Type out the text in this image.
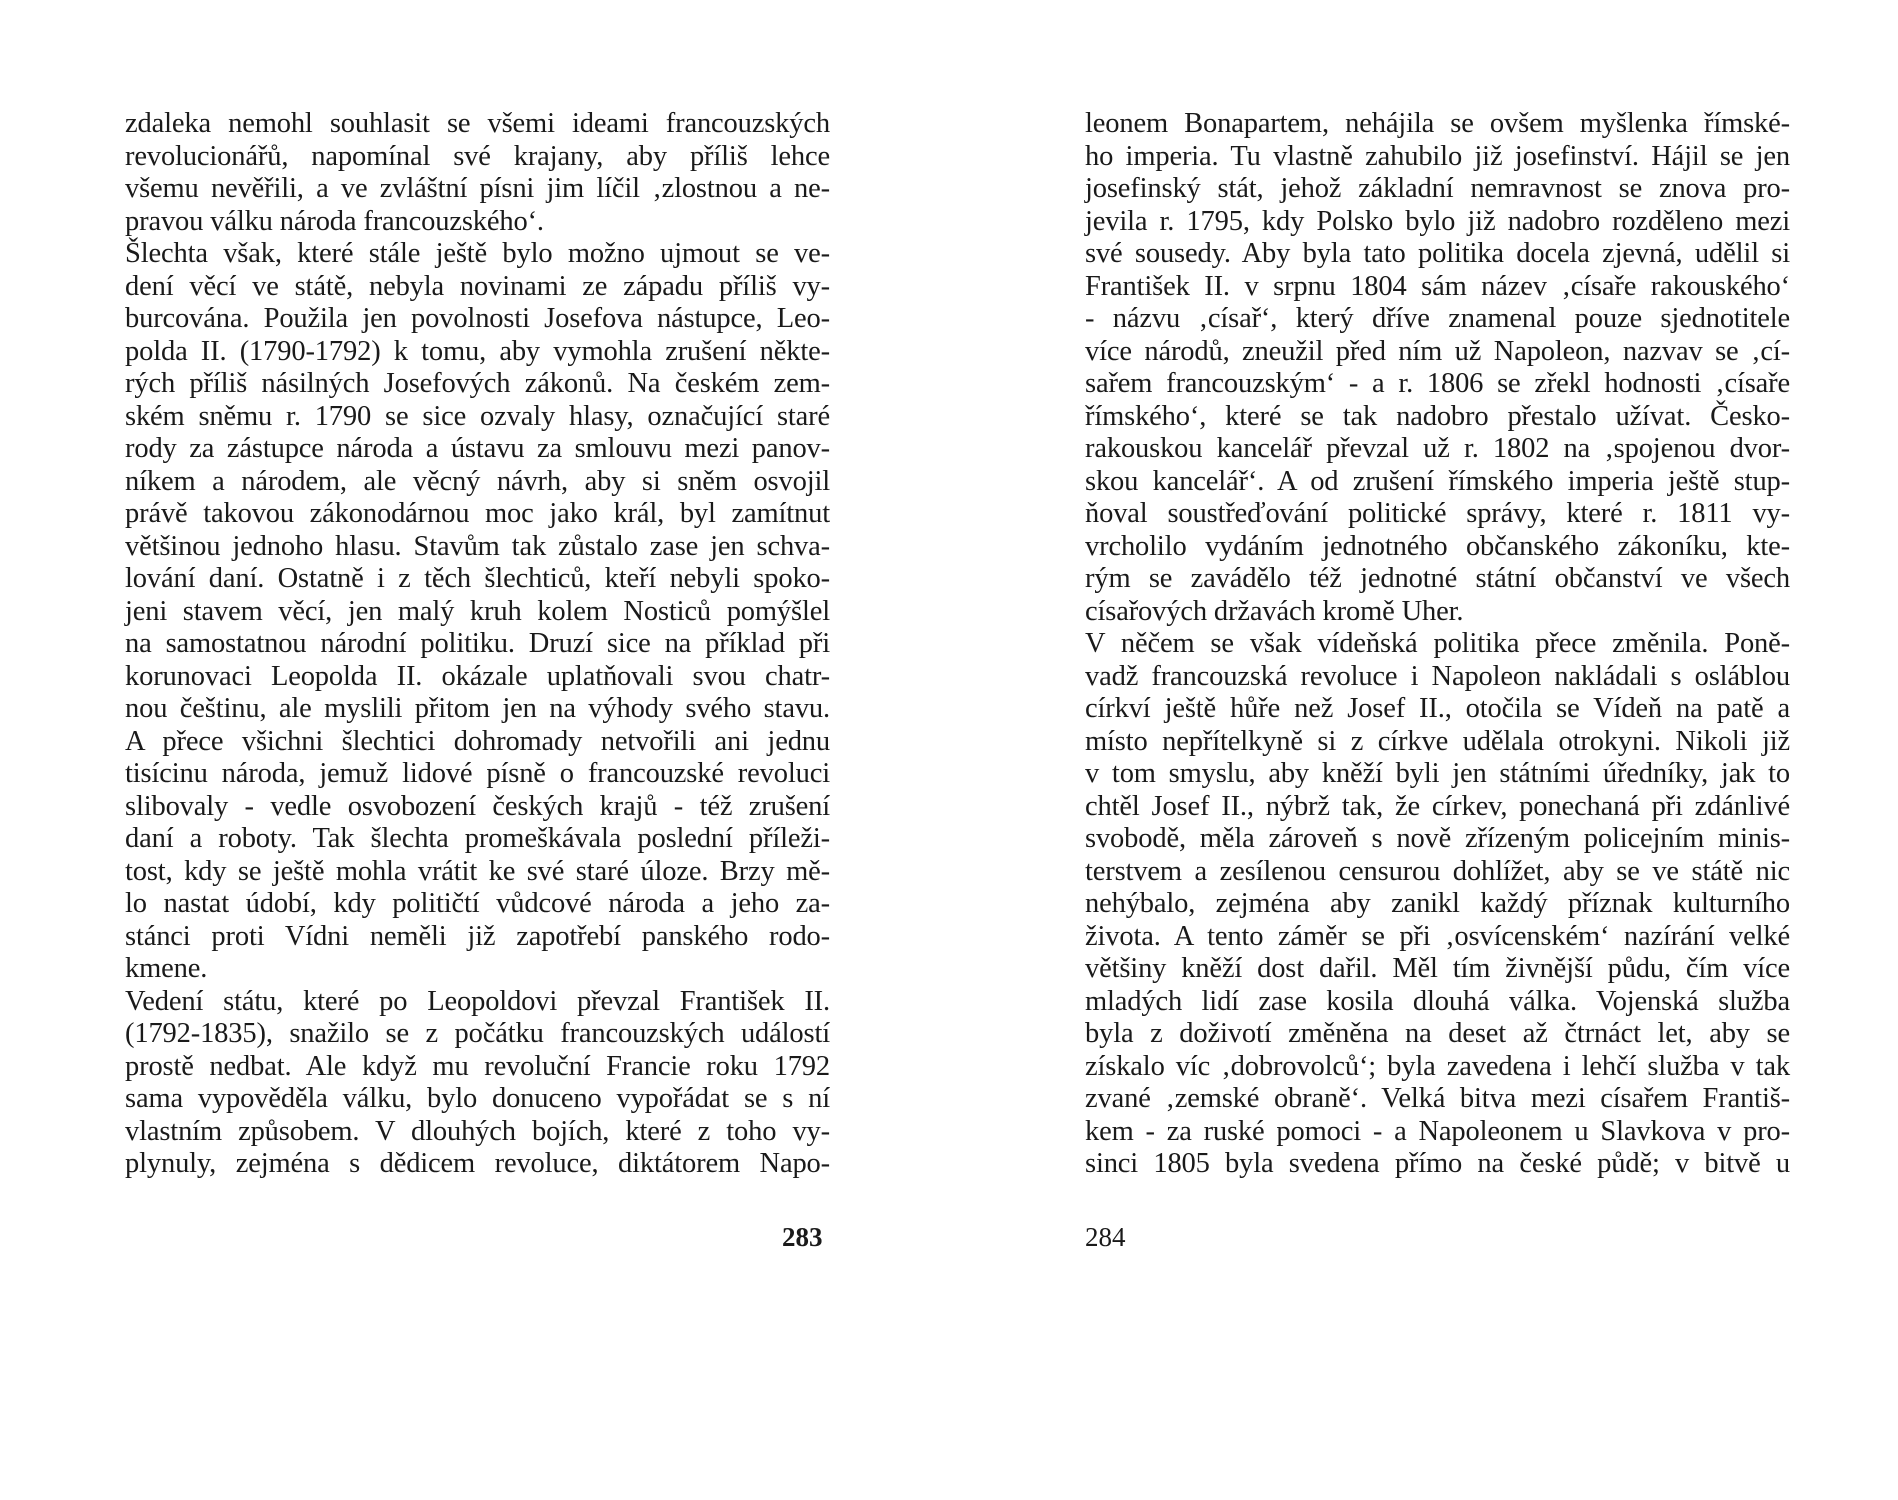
zdaleka nemohl souhlasit se všemi ideami francouzských
revolucionářů, napomínal své krajany, aby příliš lehce
všemu nevěřili, a ve zvláštní písni jim líčil ‚zlostnou a ne-
pravou válku národa francouzského‘.
Šlechta však, které stále ještě bylo možno ujmout se ve-
dení věcí ve státě, nebyla novinami ze západu příliš vy-
burcována. Použila jen povolnosti Josefova nástupce, Leo-
polda II. (1790-1792) k tomu, aby vymohla zrušení někte-
rých příliš násilných Josefových zákonů. Na českém zem-
ském sněmu r. 1790 se sice ozvaly hlasy, označující staré
rody za zástupce národa a ústavu za smlouvu mezi panov-
níkem a národem, ale věcný návrh, aby si sněm osvojil
právě takovou zákonodárnou moc jako král, byl zamítnut
většinou jednoho hlasu. Stavům tak zůstalo zase jen schva-
lování daní. Ostatně i z těch šlechticů, kteří nebyli spoko-
jeni stavem věcí, jen malý kruh kolem Nosticů pomýšlel
na samostatnou národní politiku. Druzí sice na příklad při
korunovaci Leopolda II. okázale uplatňovali svou chatr-
nou češtinu, ale myslili přitom jen na výhody svého stavu.
A přece všichni šlechtici dohromady netvořili ani jednu
tisícinu národa, jemuž lidové písně o francouzské revoluci
slibovaly - vedle osvobození českých krajů - též zrušení
daní a roboty. Tak šlechta promeškávala poslední příleži-
tost, kdy se ještě mohla vrátit ke své staré úloze. Brzy mě-
lo nastat údobí, kdy političtí vůdcové národa a jeho za-
stánci proti Vídni neměli již zapotřebí panského rodo-
kmene.
Vedení státu, které po Leopoldovi převzal František II.
(1792-1835), snažilo se z počátku francouzských událostí
prostě nedbat. Ale když mu revoluční Francie roku 1792
sama vypověděla válku, bylo donuceno vypořádat se s ní
vlastním způsobem. V dlouhých bojích, které z toho vy-
plynuly, zejména s dědicem revoluce, diktátorem Napo-
283
leonem Bonapartem, nehájila se ovšem myšlenka římské-
ho imperia. Tu vlastně zahubilo již josefinství. Hájil se jen
josefinský stát, jehož základní nemravnost se znova pro-
jevila r. 1795, kdy Polsko bylo již nadobro rozděleno mezi
své sousedy. Aby byla tato politika docela zjevná, udělil si
František II. v srpnu 1804 sám název ‚císaře rakouského‘
- názvu ‚císař‘, který dříve znamenal pouze sjednotitele
více národů, zneužil před ním už Napoleon, nazvav se ‚cí-
sařem francouzským‘ - a r. 1806 se zřekl hodnosti ‚císaře
římského‘, které se tak nadobro přestalo užívat. Česko-
rakouskou kancelář převzal už r. 1802 na ‚spojenou dvor-
skou kancelář‘. A od zrušení římského imperia ještě stup-
ňoval soustřeďování politické správy, které r. 1811 vy-
vrcholilo vydáním jednotného občanského zákoníku, kte-
rým se zavádělo též jednotné státní občanství ve všech
císařových državách kromě Uher.
V něčem se však vídeňská politika přece změnila. Poně-
vadž francouzská revoluce i Napoleon nakládali s osláblou
církví ještě hůře než Josef II., otočila se Vídeň na patě a
místo nepřítelkyně si z církve udělala otrokyni. Nikoli již
v tom smyslu, aby kněží byli jen státními úředníky, jak to
chtěl Josef II., nýbrž tak, že církev, ponechaná při zdánlivé
svobodě, měla zároveň s nově zřízeným policejním minis-
terstvem a zesílenou censurou dohlížet, aby se ve státě nic
nehýbalo, zejména aby zanikl každý příznak kulturního
života. A tento záměr se při ‚osvícenském‘ nazírání velké
většiny kněží dost dařil. Měl tím živnější půdu, čím více
mladých lidí zase kosila dlouhá válka. Vojenská služba
byla z doživotí změněna na deset až čtrnáct let, aby se
získalo víc ‚dobrovolců‘; byla zavedena i lehčí služba v tak
zvané ‚zemské obraně‘. Velká bitva mezi císařem Františ-
kem - za ruské pomoci - a Napoleonem u Slavkova v pro-
sinci 1805 byla svedena přímo na české půdě; v bitvě u
284
